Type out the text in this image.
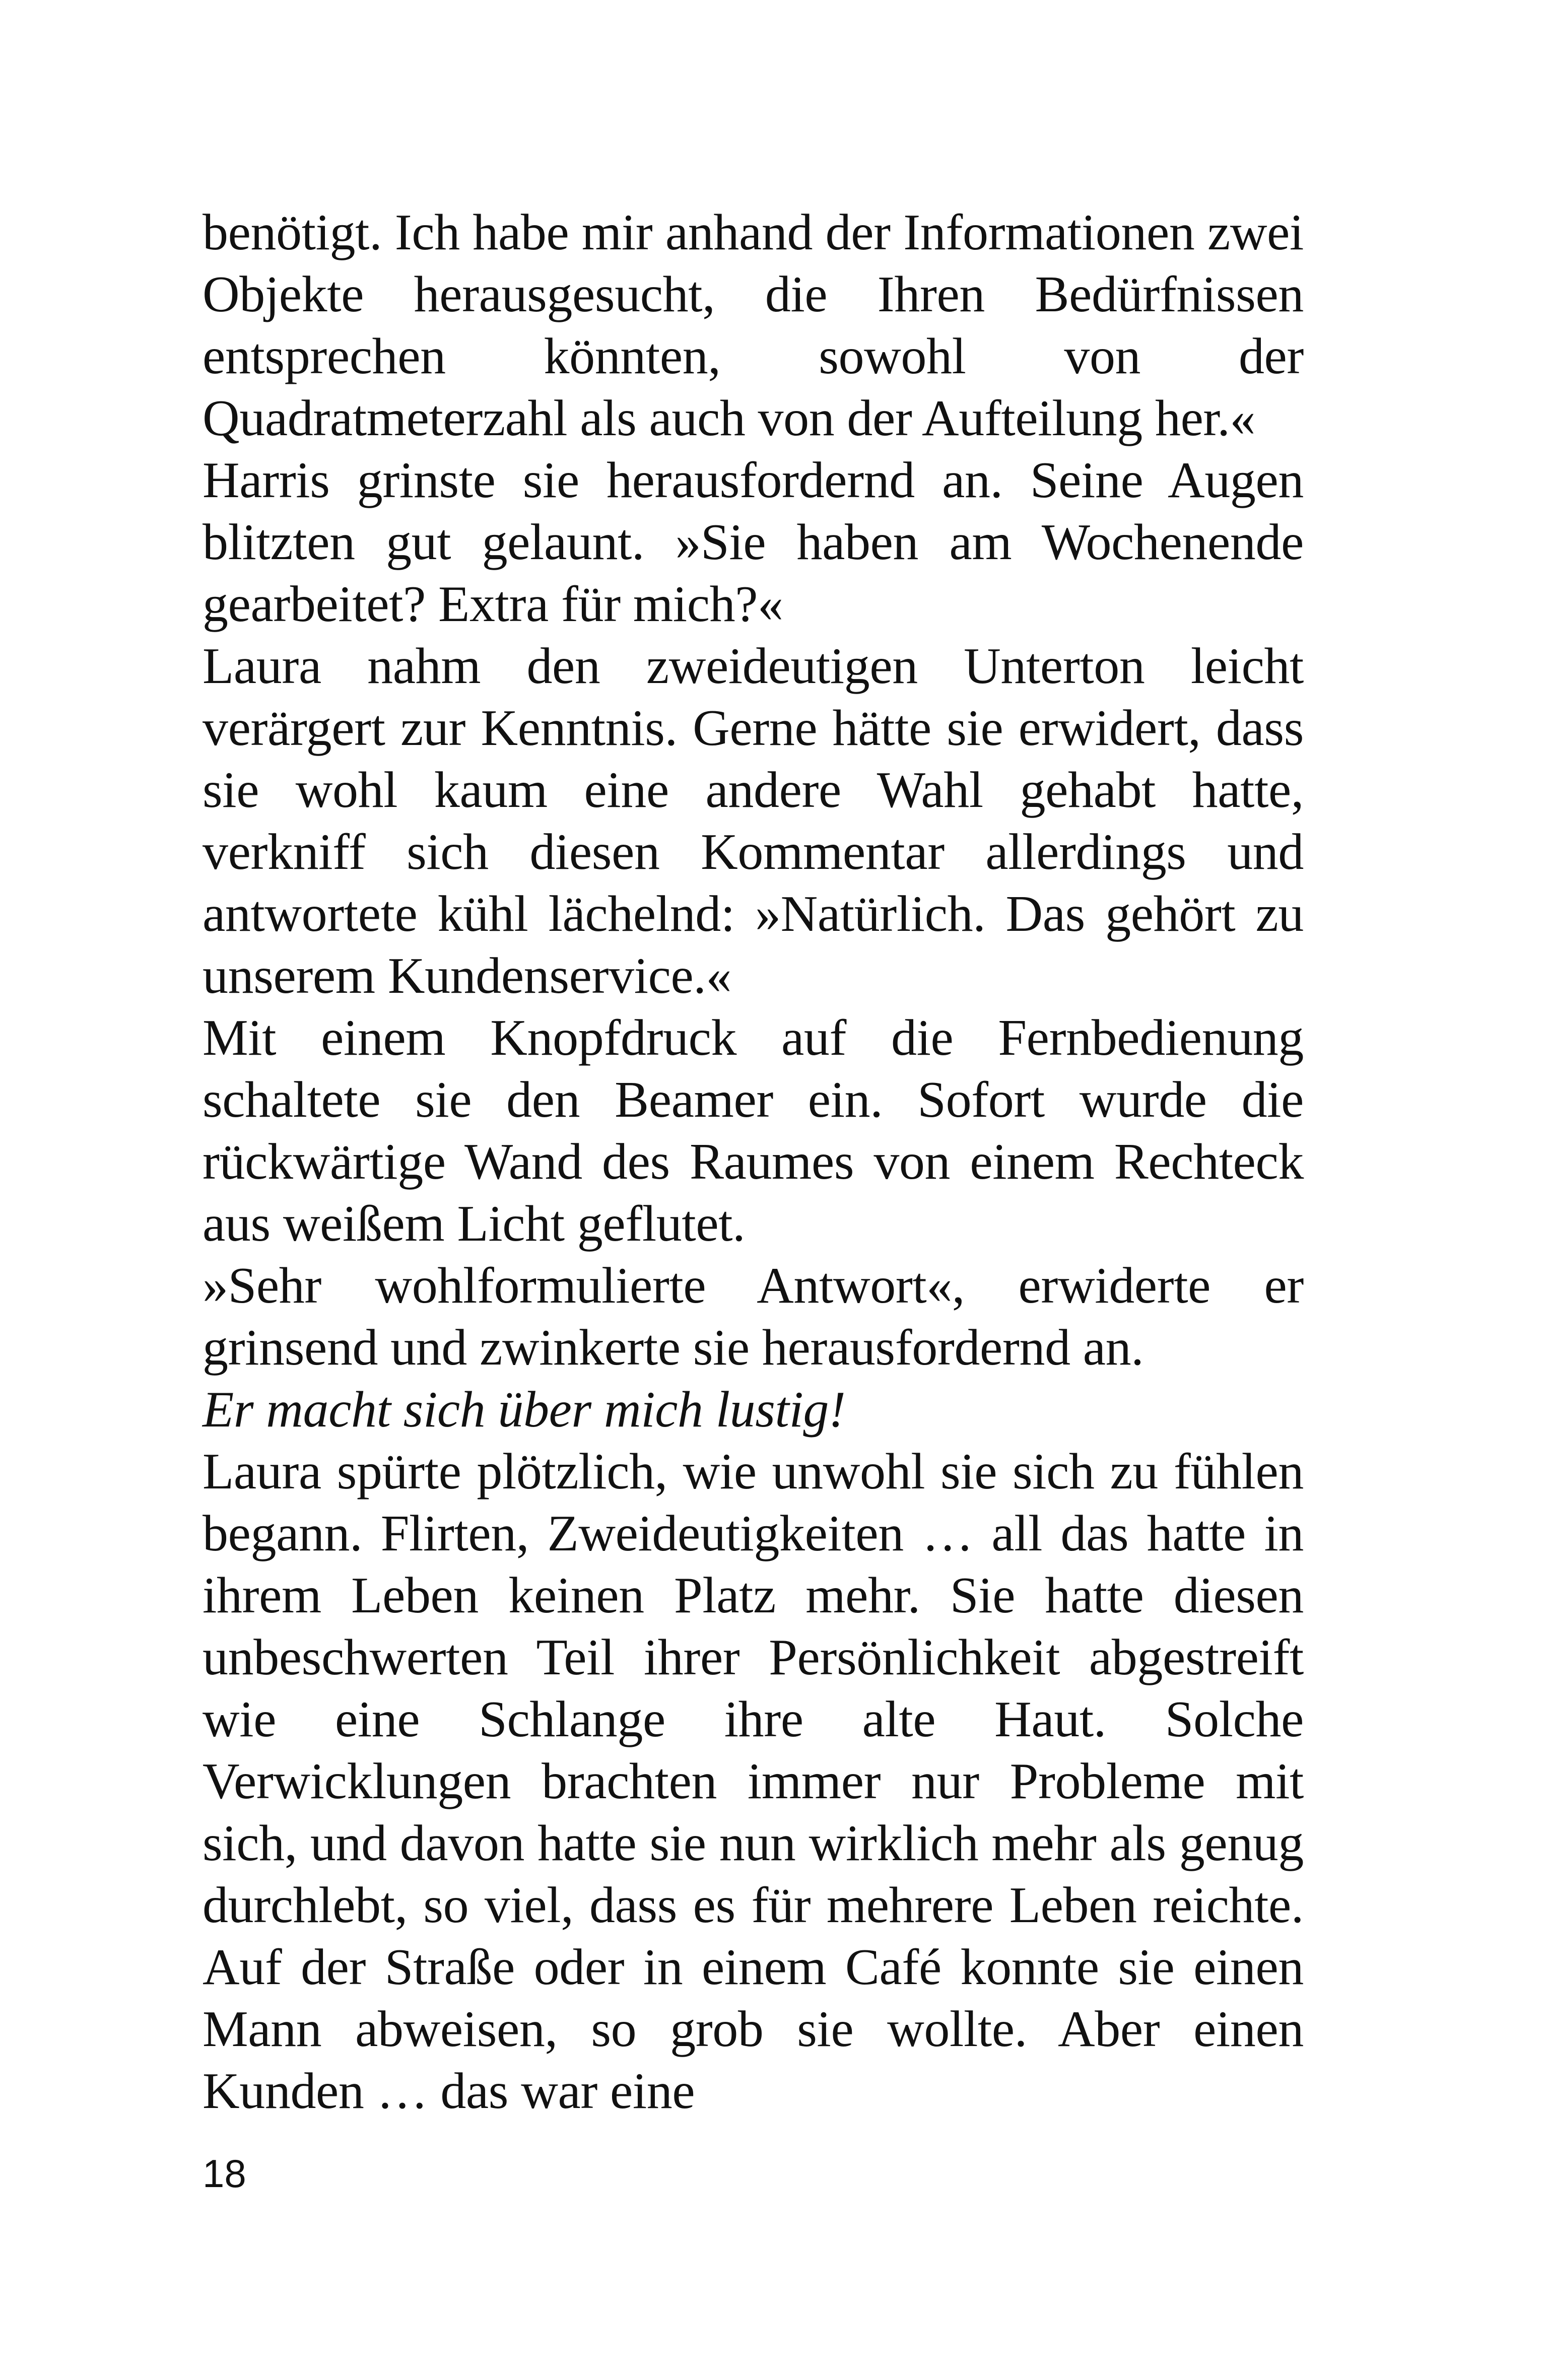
benötigt. Ich habe mir anhand der Informationen zwei Objekte herausgesucht, die Ihren Bedürfnissen entsprechen könnten, sowohl von der Quadratmeterzahl als auch von der Aufteilung her.«

Harris grinste sie herausfordernd an. Seine Augen blitzten gut gelaunt. »Sie haben am Wochenende gearbeitet? Extra für mich?«

Laura nahm den zweideutigen Unterton leicht verärgert zur Kenntnis. Gerne hätte sie erwidert, dass sie wohl kaum eine andere Wahl gehabt hatte, verkniff sich diesen Kommentar allerdings und antwortete kühl lächelnd: »Natürlich. Das gehört zu unserem Kundenservice.«

Mit einem Knopfdruck auf die Fernbedienung schaltete sie den Beamer ein. Sofort wurde die rückwärtige Wand des Raumes von einem Rechteck aus weißem Licht geflutet.

»Sehr wohlformulierte Antwort«, erwiderte er grinsend und zwinkerte sie herausfordernd an.

Er macht sich über mich lustig!

Laura spürte plötzlich, wie unwohl sie sich zu fühlen begann. Flirten, Zweideutigkeiten … all das hatte in ihrem Leben keinen Platz mehr. Sie hatte diesen unbeschwerten Teil ihrer Persönlichkeit abgestreift wie eine Schlange ihre alte Haut. Solche Verwicklungen brachten immer nur Probleme mit sich, und davon hatte sie nun wirklich mehr als genug durchlebt, so viel, dass es für mehrere Leben reichte. Auf der Straße oder in einem Café konnte sie einen Mann abweisen, so grob sie wollte. Aber einen Kunden … das war eine

18
